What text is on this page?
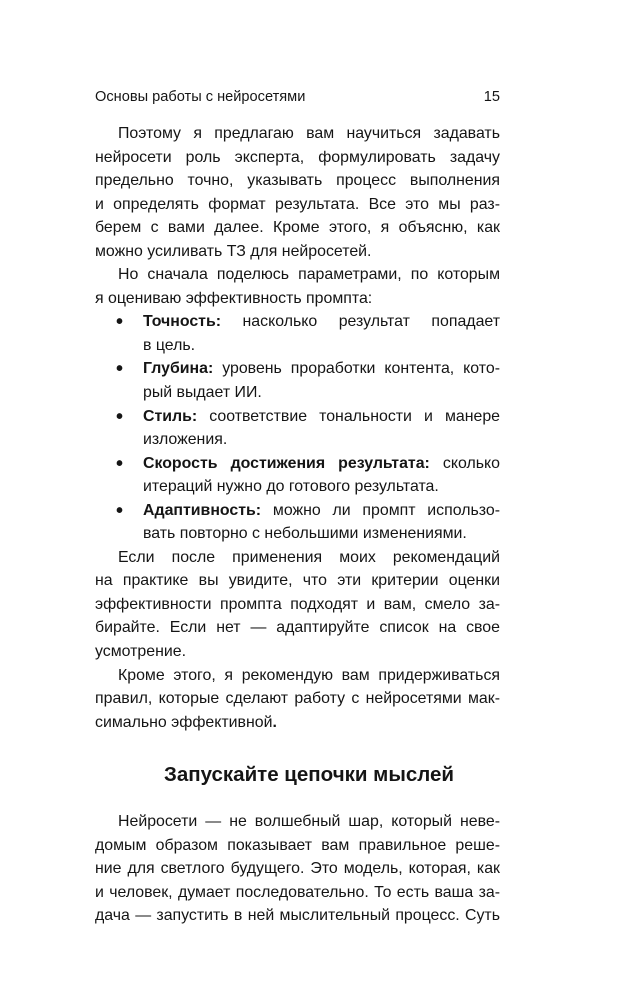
Основы работы с нейросетями	15
Поэтому я предлагаю вам научиться задавать
нейросети роль эксперта, формулировать задачу
предельно точно, указывать процесс выполнения
и определять формат результата. Все это мы раз-
берем с вами далее. Кроме этого, я объясню, как
можно усиливать ТЗ для нейросетей.
Но сначала поделюсь параметрами, по которым
я оцениваю эффективность промпта:
•	Точность: насколько результат попадает
в цель.
•	Глубина: уровень проработки контента, кото-
рый выдает ИИ.
•	Стиль: соответствие тональности и манере
изложения.
•	Скорость достижения результата: сколько
итераций нужно до готового результата.
•	Адаптивность: можно ли промпт использо-
вать повторно с небольшими изменениями.
Если после применения моих рекомендаций
на практике вы увидите, что эти критерии оценки
эффективности промпта подходят и вам, смело за-
бирайте. Если нет — адаптируйте список на свое
усмотрение.
Кроме этого, я рекомендую вам придерживаться
правил, которые сделают работу с нейросетями мак-
симально эффективной.
Запускайте цепочки мыслей
Нейросети — не волшебный шар, который неве-
домым образом показывает вам правильное реше-
ние для светлого будущего. Это модель, которая, как
и человек, думает последовательно. То есть ваша за-
дача — запустить в ней мыслительный процесс. Суть
